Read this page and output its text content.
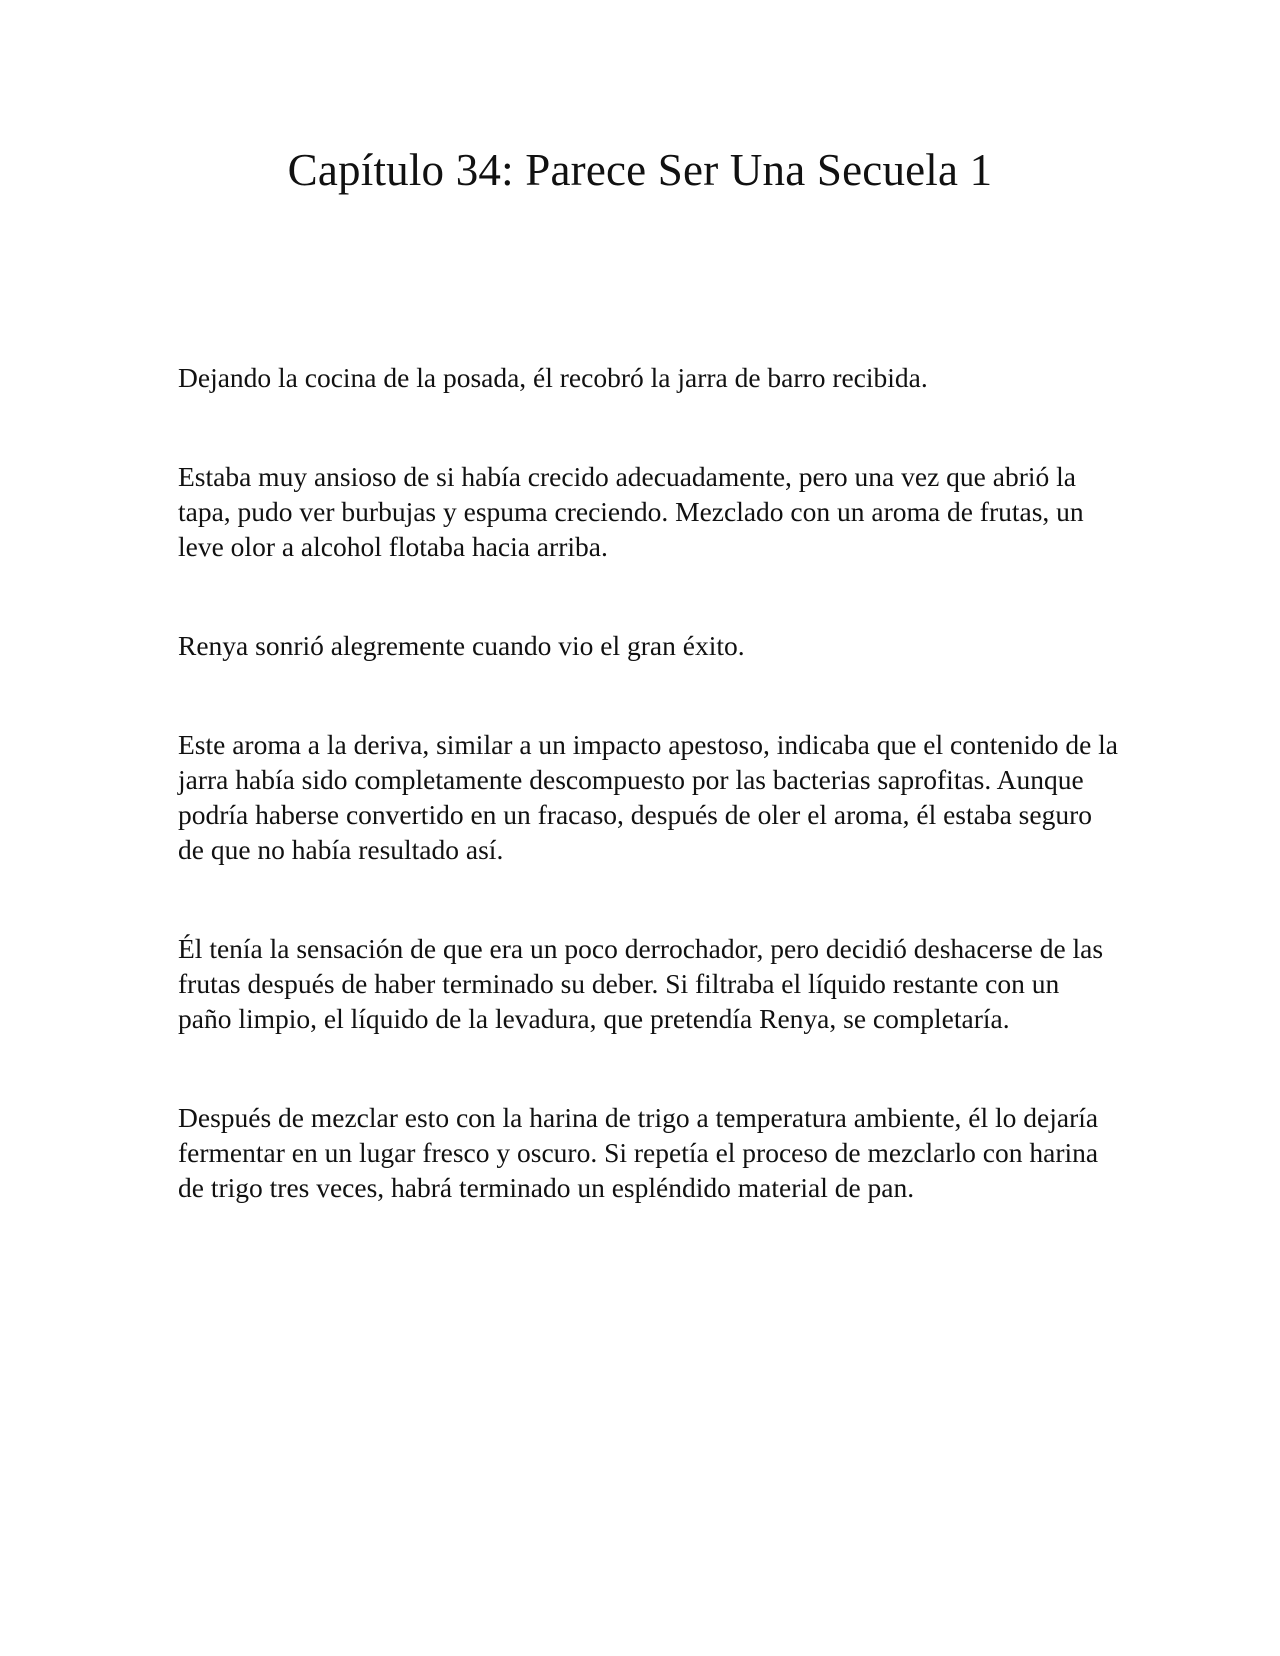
Capítulo 34: Parece Ser Una Secuela 1

Dejando la cocina de la posada, él recobró la jarra de barro recibida.

Estaba muy ansioso de si había crecido adecuadamente, pero una vez que abrió la tapa, pudo ver burbujas y espuma creciendo. Mezclado con un aroma de frutas, un leve olor a alcohol flotaba hacia arriba.

Renya sonrió alegremente cuando vio el gran éxito.

Este aroma a la deriva, similar a un impacto apestoso, indicaba que el contenido de la jarra había sido completamente descompuesto por las bacterias saprofitas. Aunque podría haberse convertido en un fracaso, después de oler el aroma, él estaba seguro de que no había resultado así.

Él tenía la sensación de que era un poco derrochador, pero decidió deshacerse de las frutas después de haber terminado su deber. Si filtraba el líquido restante con un paño limpio, el líquido de la levadura, que pretendía Renya, se completaría.

Después de mezclar esto con la harina de trigo a temperatura ambiente, él lo dejaría fermentar en un lugar fresco y oscuro. Si repetía el proceso de mezclarlo con harina de trigo tres veces, habrá terminado un espléndido material de pan.
